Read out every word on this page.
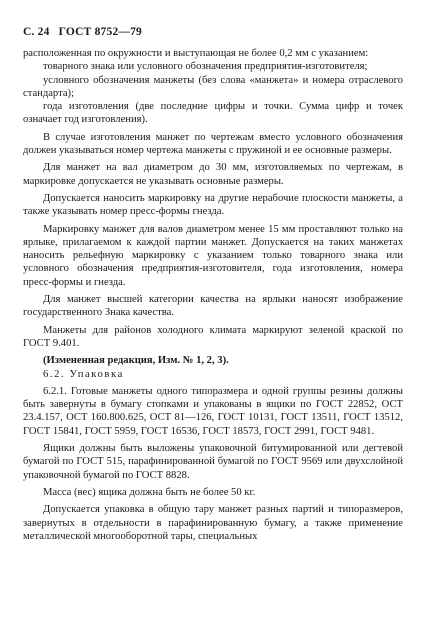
С. 24 ГОСТ 8752—79

расположенная по окружности и выступающая не более 0,2 мм с указанием:

товарного знака или условного обозначения предприятия-изготовителя;

условного обозначения манжеты (без слова «манжета» и номера отраслевого стандарта);

года изготовления (две последние цифры и точки. Сумма цифр и точек означает год изготовления).

В случае изготовления манжет по чертежам вместо условного обозначения должен указываться номер чертежа манжеты с пружиной и ее основные размеры.

Для манжет на вал диаметром до 30 мм, изготовляемых по чертежам, в маркировке допускается не указывать основные размеры.

Допускается наносить маркировку на другие нерабочие плоскости манжеты, а также указывать номер пресс-формы гнезда.

Маркировку манжет для валов диаметром менее 15 мм проставляют только на ярлыке, прилагаемом к каждой партии манжет. Допускается на таких манжетах наносить рельефную маркировку с указанием только товарного знака или условного обозначения предприятия-изготовителя, года изготовления, номера пресс-формы и гнезда.

Для манжет высшей категории качества на ярлыки наносят изображение государственного Знака качества.

Манжеты для районов холодного климата маркируют зеленой краской по ГОСТ 9.401.

(Измененная редакция, Изм. № 1, 2, 3).

6.2. Упаковка

6.2.1. Готовые манжеты одного типоразмера и одной группы резины должны быть завернуты в бумагу стопками и упакованы в ящики по ГОСТ 22852, ОСТ 23.4.157, ОСТ 160.800.625, ОСТ 81—126, ГОСТ 10131, ГОСТ 13511, ГОСТ 13512, ГОСТ 15841, ГОСТ 5959, ГОСТ 16536, ГОСТ 18573, ГОСТ 2991, ГОСТ 9481.

Ящики должны быть выложены упаковочной битумированной или дегтевой бумагой по ГОСТ 515, парафинированной бумагой по ГОСТ 9569 или двухслойной упаковочной бумагой по ГОСТ 8828.

Масса (вес) ящика должна быть не более 50 кг.

Допускается упаковка в общую тару манжет разных партий и типоразмеров, завернутых в отдельности в парафинированную бумагу, а также применение металлической многооборотной тары, специальных
